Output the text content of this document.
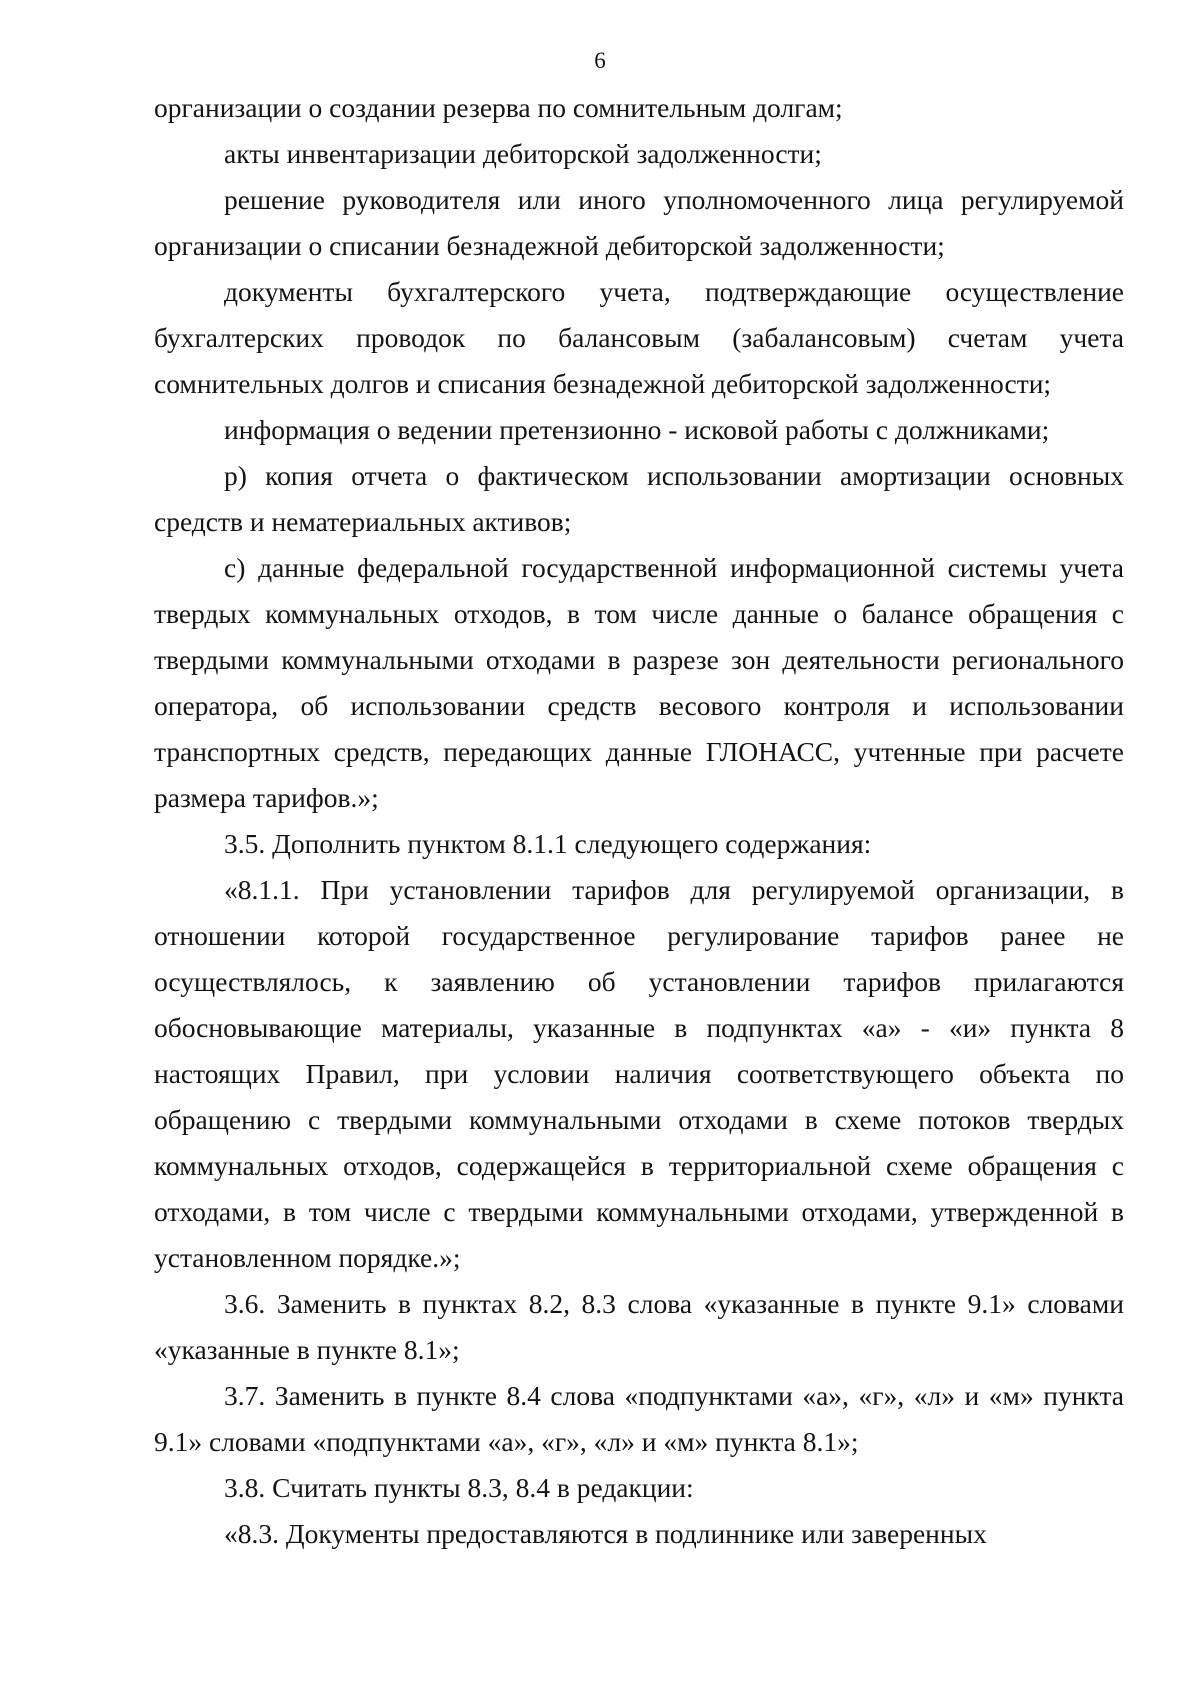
6

организации о создании резерва по сомнительным долгам;

акты инвентаризации дебиторской задолженности;

решение руководителя или иного уполномоченного лица регулируемой организации о списании безнадежной дебиторской задолженности;

документы бухгалтерского учета, подтверждающие осуществление бухгалтерских проводок по балансовым (забалансовым) счетам учета сомнительных долгов и списания безнадежной дебиторской задолженности;

информация о ведении претензионно - исковой работы с должниками;

р) копия отчета о фактическом использовании амортизации основных средств и нематериальных активов;

с) данные федеральной государственной информационной системы учета твердых коммунальных отходов, в том числе данные о балансе обращения с твердыми коммунальными отходами в разрезе зон деятельности регионального оператора, об использовании средств весового контроля и использовании транспортных средств, передающих данные ГЛОНАСС, учтенные при расчете размера тарифов.»;

3.5. Дополнить пунктом 8.1.1 следующего содержания:

«8.1.1. При установлении тарифов для регулируемой организации, в отношении которой государственное регулирование тарифов ранее не осуществлялось, к заявлению об установлении тарифов прилагаются обосновывающие материалы, указанные в подпунктах «а» - «и» пункта 8 настоящих Правил, при условии наличия соответствующего объекта по обращению с твердыми коммунальными отходами в схеме потоков твердых коммунальных отходов, содержащейся в территориальной схеме обращения с отходами, в том числе с твердыми коммунальными отходами, утвержденной в установленном порядке.»;

3.6. Заменить в пунктах 8.2, 8.3 слова «указанные в пункте 9.1» словами «указанные в пункте 8.1»;

3.7. Заменить в пункте 8.4 слова «подпунктами «а», «г», «л» и «м» пункта 9.1» словами «подпунктами «а», «г», «л» и «м» пункта 8.1»;

3.8. Считать пункты 8.3, 8.4 в редакции:

«8.3. Документы предоставляются в подлиннике или заверенных
